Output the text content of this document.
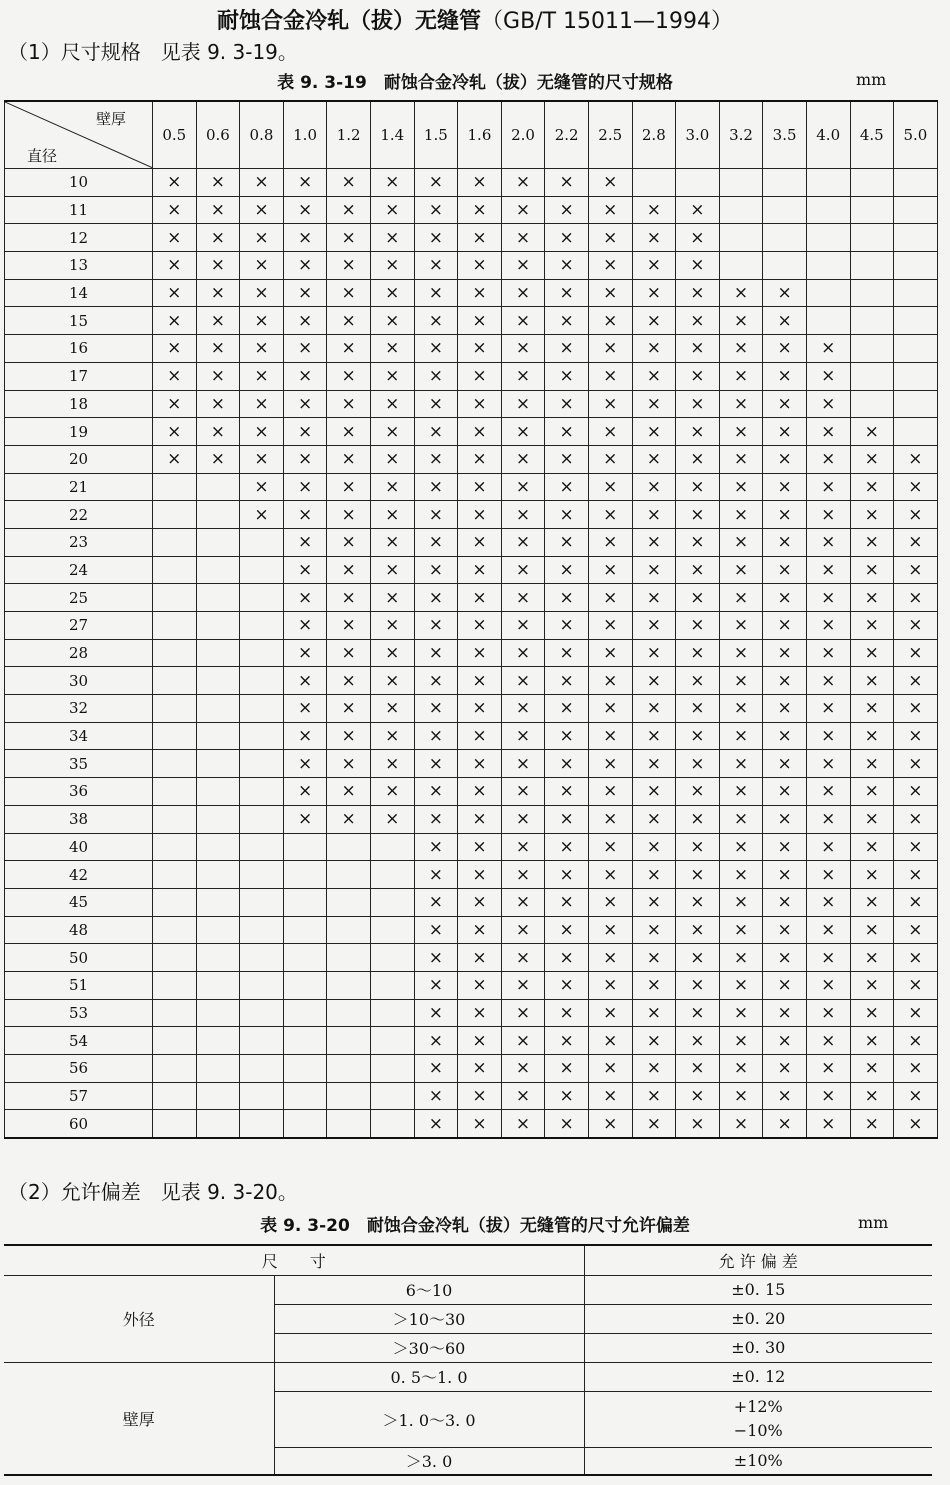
耐蚀合金冷轧（拔）无缝管（GB/T 15011—1994）
（1）尺寸规格　见表 9. 3-19。
表 9. 3-19　耐蚀合金冷轧（拔）无缝管的尺寸规格	mm
壁厚
直径	0.5	0.6	0.8	1.0	1.2	1.4	1.5	1.6	2.0	2.2	2.5	2.8	3.0	3.2	3.5	4.0	4.5	5.0
10	×	×	×	×	×	×	×	×	×	×	×							
11	×	×	×	×	×	×	×	×	×	×	×	×	×					
12	×	×	×	×	×	×	×	×	×	×	×	×	×					
13	×	×	×	×	×	×	×	×	×	×	×	×	×					
14	×	×	×	×	×	×	×	×	×	×	×	×	×	×	×			
15	×	×	×	×	×	×	×	×	×	×	×	×	×	×	×			
16	×	×	×	×	×	×	×	×	×	×	×	×	×	×	×	×		
17	×	×	×	×	×	×	×	×	×	×	×	×	×	×	×	×		
18	×	×	×	×	×	×	×	×	×	×	×	×	×	×	×	×		
19	×	×	×	×	×	×	×	×	×	×	×	×	×	×	×	×	×	
20	×	×	×	×	×	×	×	×	×	×	×	×	×	×	×	×	×	×
21			×	×	×	×	×	×	×	×	×	×	×	×	×	×	×	×
22			×	×	×	×	×	×	×	×	×	×	×	×	×	×	×	×
23				×	×	×	×	×	×	×	×	×	×	×	×	×	×	×
24				×	×	×	×	×	×	×	×	×	×	×	×	×	×	×
25				×	×	×	×	×	×	×	×	×	×	×	×	×	×	×
27				×	×	×	×	×	×	×	×	×	×	×	×	×	×	×
28				×	×	×	×	×	×	×	×	×	×	×	×	×	×	×
30				×	×	×	×	×	×	×	×	×	×	×	×	×	×	×
32				×	×	×	×	×	×	×	×	×	×	×	×	×	×	×
34				×	×	×	×	×	×	×	×	×	×	×	×	×	×	×
35				×	×	×	×	×	×	×	×	×	×	×	×	×	×	×
36				×	×	×	×	×	×	×	×	×	×	×	×	×	×	×
38				×	×	×	×	×	×	×	×	×	×	×	×	×	×	×
40							×	×	×	×	×	×	×	×	×	×	×	×
42							×	×	×	×	×	×	×	×	×	×	×	×
45							×	×	×	×	×	×	×	×	×	×	×	×
48							×	×	×	×	×	×	×	×	×	×	×	×
50							×	×	×	×	×	×	×	×	×	×	×	×
51							×	×	×	×	×	×	×	×	×	×	×	×
53							×	×	×	×	×	×	×	×	×	×	×	×
54							×	×	×	×	×	×	×	×	×	×	×	×
56							×	×	×	×	×	×	×	×	×	×	×	×
57							×	×	×	×	×	×	×	×	×	×	×	×
60							×	×	×	×	×	×	×	×	×	×	×	×
（2）允许偏差　见表 9. 3-20。
表 9. 3-20　耐蚀合金冷轧（拔）无缝管的尺寸允许偏差	mm
尺　　寸		允 许 偏 差
外径	6～10	±0. 15
	＞10～30	±0. 20
	＞30～60	±0. 30
壁厚	0. 5～1. 0	±0. 12
	＞1. 0～3. 0	+12%
−10%

	＞3. 0	±10%
